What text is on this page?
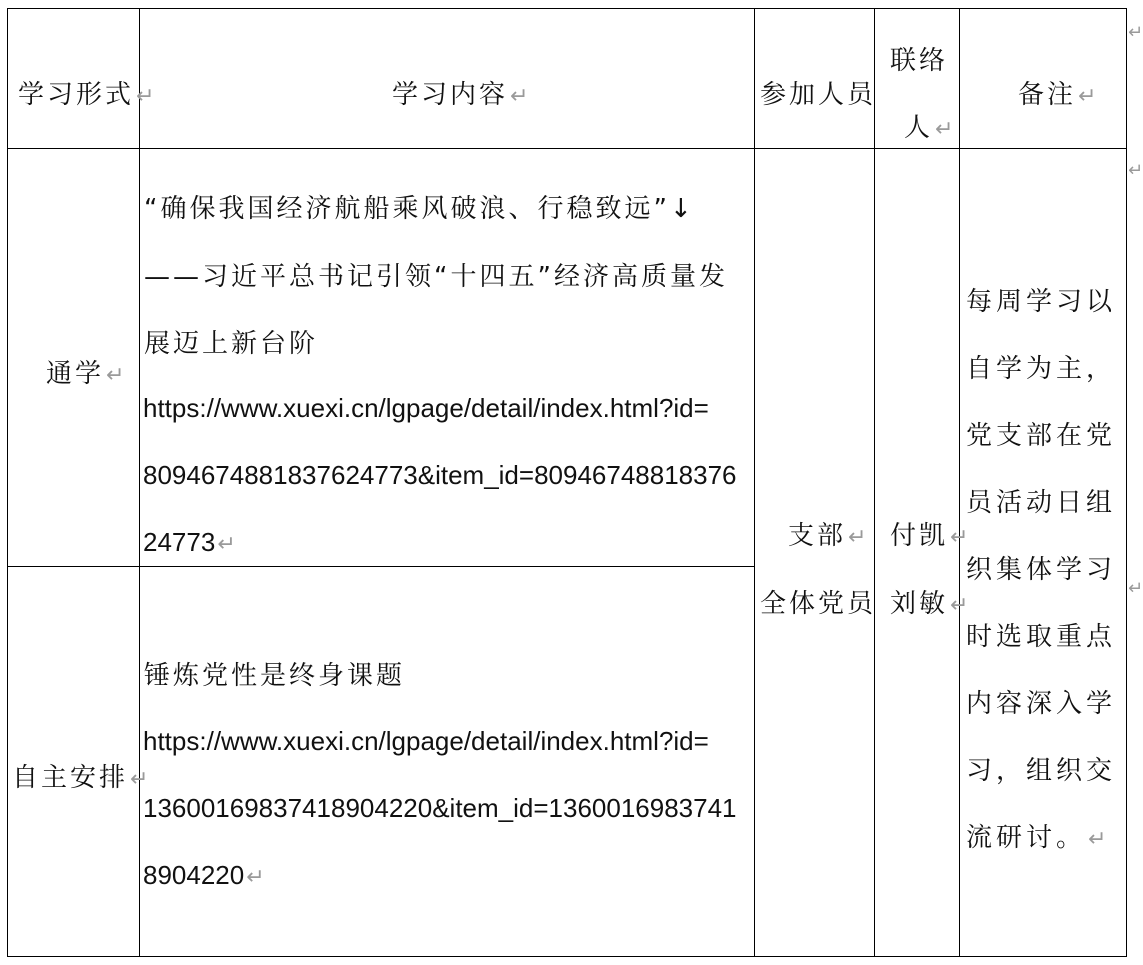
学习形式↵	学习内容↵	参加人员
联络
人↵
备注↵
通学↵
“确保我国经济航船乘风破浪、行稳致远”↓
——习近平总书记引领“十四五”经济高质量发
展迈上新台阶
https://www.xuexi.cn/lgpage/detail/index.html?id=
8094674881837624773&item_id=80946748818376
24773↵
自主安排↵
锤炼党性是终身课题
https://www.xuexi.cn/lgpage/detail/index.html?id=
13600169837418904220&item_id=1360016983741
8904220↵
支部↵
全体党员
付凯↵
刘敏↵
每周学习以
自学为主，
党支部在党
员活动日组
织集体学习
时选取重点
内容深入学
习，组织交
流研讨。↵
↵
↵
↵
